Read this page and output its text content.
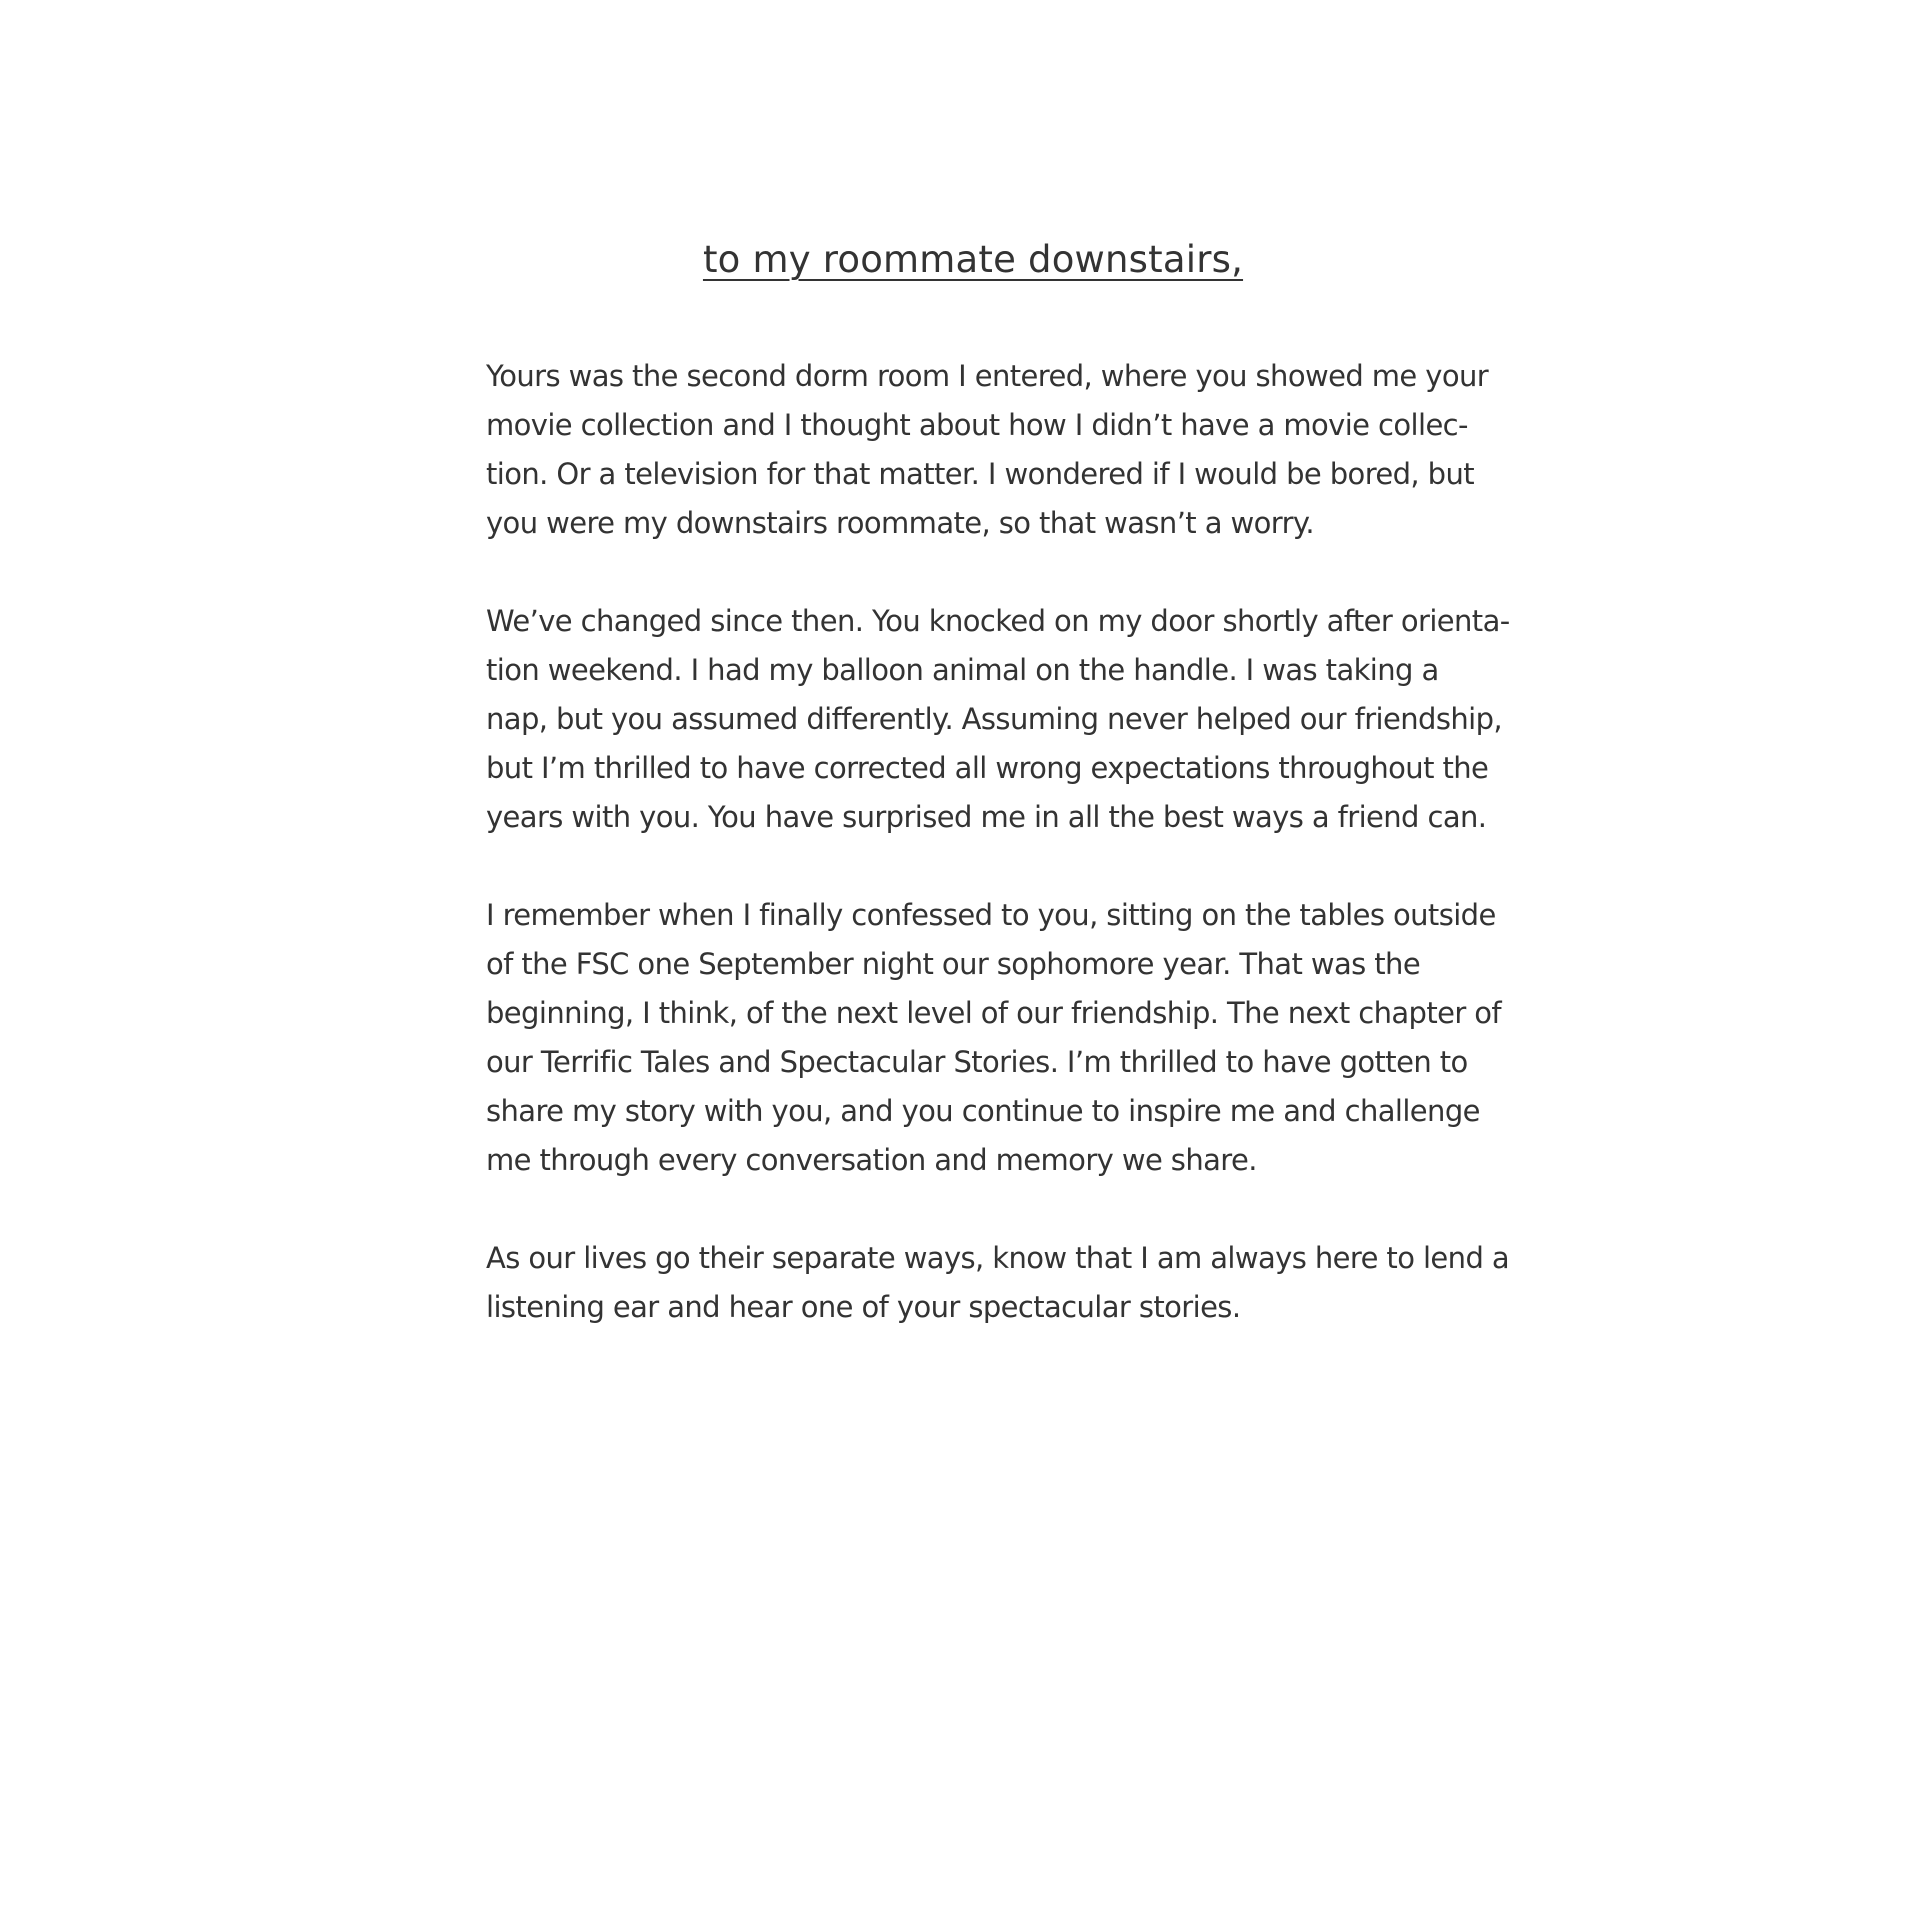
to my roommate downstairs,

Yours was the second dorm room I entered, where you showed me your
movie collection and I thought about how I didn’t have a movie collec-
tion. Or a television for that matter. I wondered if I would be bored, but
you were my downstairs roommate, so that wasn’t a worry.

We’ve changed since then. You knocked on my door shortly after orienta-
tion weekend. I had my balloon animal on the handle. I was taking a
nap, but you assumed differently. Assuming never helped our friendship,
but I’m thrilled to have corrected all wrong expectations throughout the
years with you. You have surprised me in all the best ways a friend can.

I remember when I finally confessed to you, sitting on the tables outside
of the FSC one September night our sophomore year. That was the
beginning, I think, of the next level of our friendship. The next chapter of
our Terrific Tales and Spectacular Stories. I’m thrilled to have gotten to
share my story with you, and you continue to inspire me and challenge
me through every conversation and memory we share.

As our lives go their separate ways, know that I am always here to lend a
listening ear and hear one of your spectacular stories.
